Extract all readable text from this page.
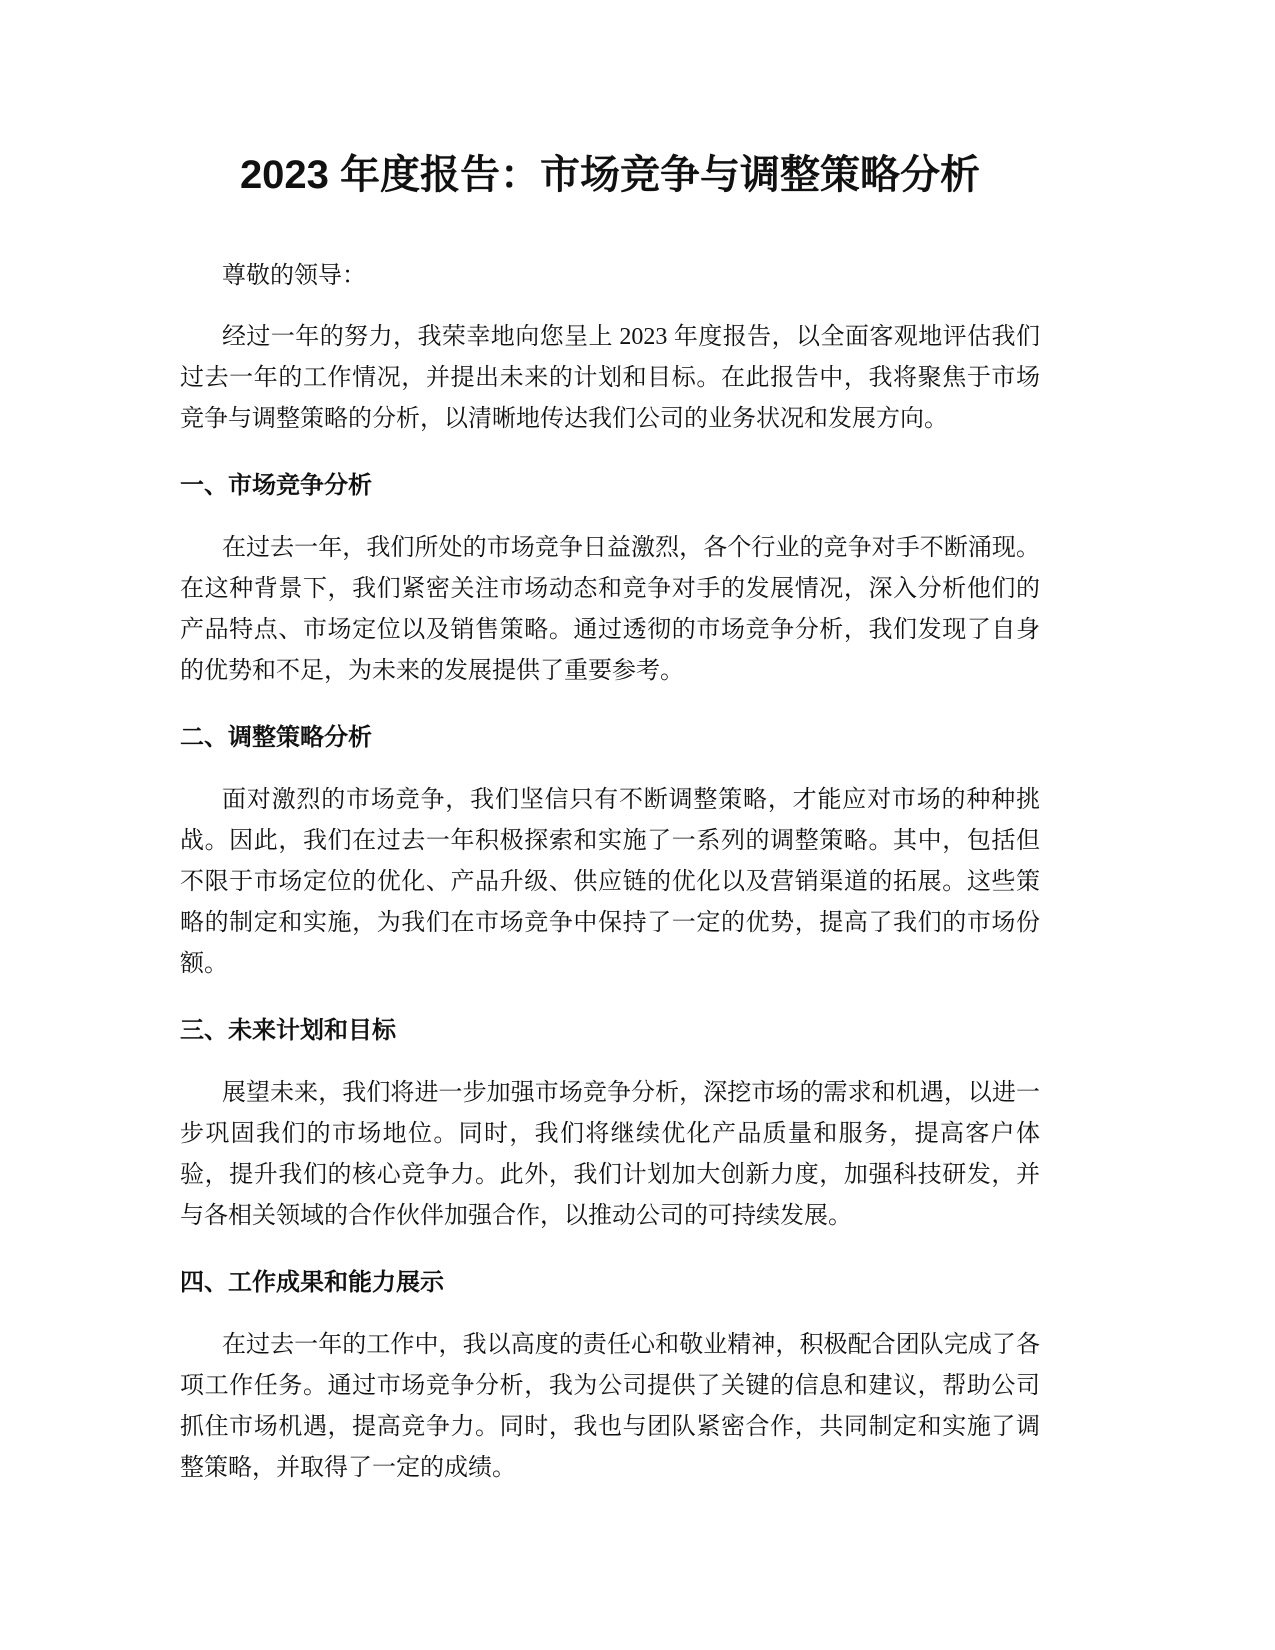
2023 年度报告：市场竞争与调整策略分析

尊敬的领导：

经过一年的努力，我荣幸地向您呈上 2023 年度报告，以全面客观地评估我们过去一年的工作情况，并提出未来的计划和目标。在此报告中，我将聚焦于市场竞争与调整策略的分析，以清晰地传达我们公司的业务状况和发展方向。

一、市场竞争分析

在过去一年，我们所处的市场竞争日益激烈，各个行业的竞争对手不断涌现。在这种背景下，我们紧密关注市场动态和竞争对手的发展情况，深入分析他们的产品特点、市场定位以及销售策略。通过透彻的市场竞争分析，我们发现了自身的优势和不足，为未来的发展提供了重要参考。

二、调整策略分析

面对激烈的市场竞争，我们坚信只有不断调整策略，才能应对市场的种种挑战。因此，我们在过去一年积极探索和实施了一系列的调整策略。其中，包括但不限于市场定位的优化、产品升级、供应链的优化以及营销渠道的拓展。这些策略的制定和实施，为我们在市场竞争中保持了一定的优势，提高了我们的市场份额。

三、未来计划和目标

展望未来，我们将进一步加强市场竞争分析，深挖市场的需求和机遇，以进一步巩固我们的市场地位。同时，我们将继续优化产品质量和服务，提高客户体验，提升我们的核心竞争力。此外，我们计划加大创新力度，加强科技研发，并与各相关领域的合作伙伴加强合作，以推动公司的可持续发展。

四、工作成果和能力展示

在过去一年的工作中，我以高度的责任心和敬业精神，积极配合团队完成了各项工作任务。通过市场竞争分析，我为公司提供了关键的信息和建议，帮助公司抓住市场机遇，提高竞争力。同时，我也与团队紧密合作，共同制定和实施了调整策略，并取得了一定的成绩。
